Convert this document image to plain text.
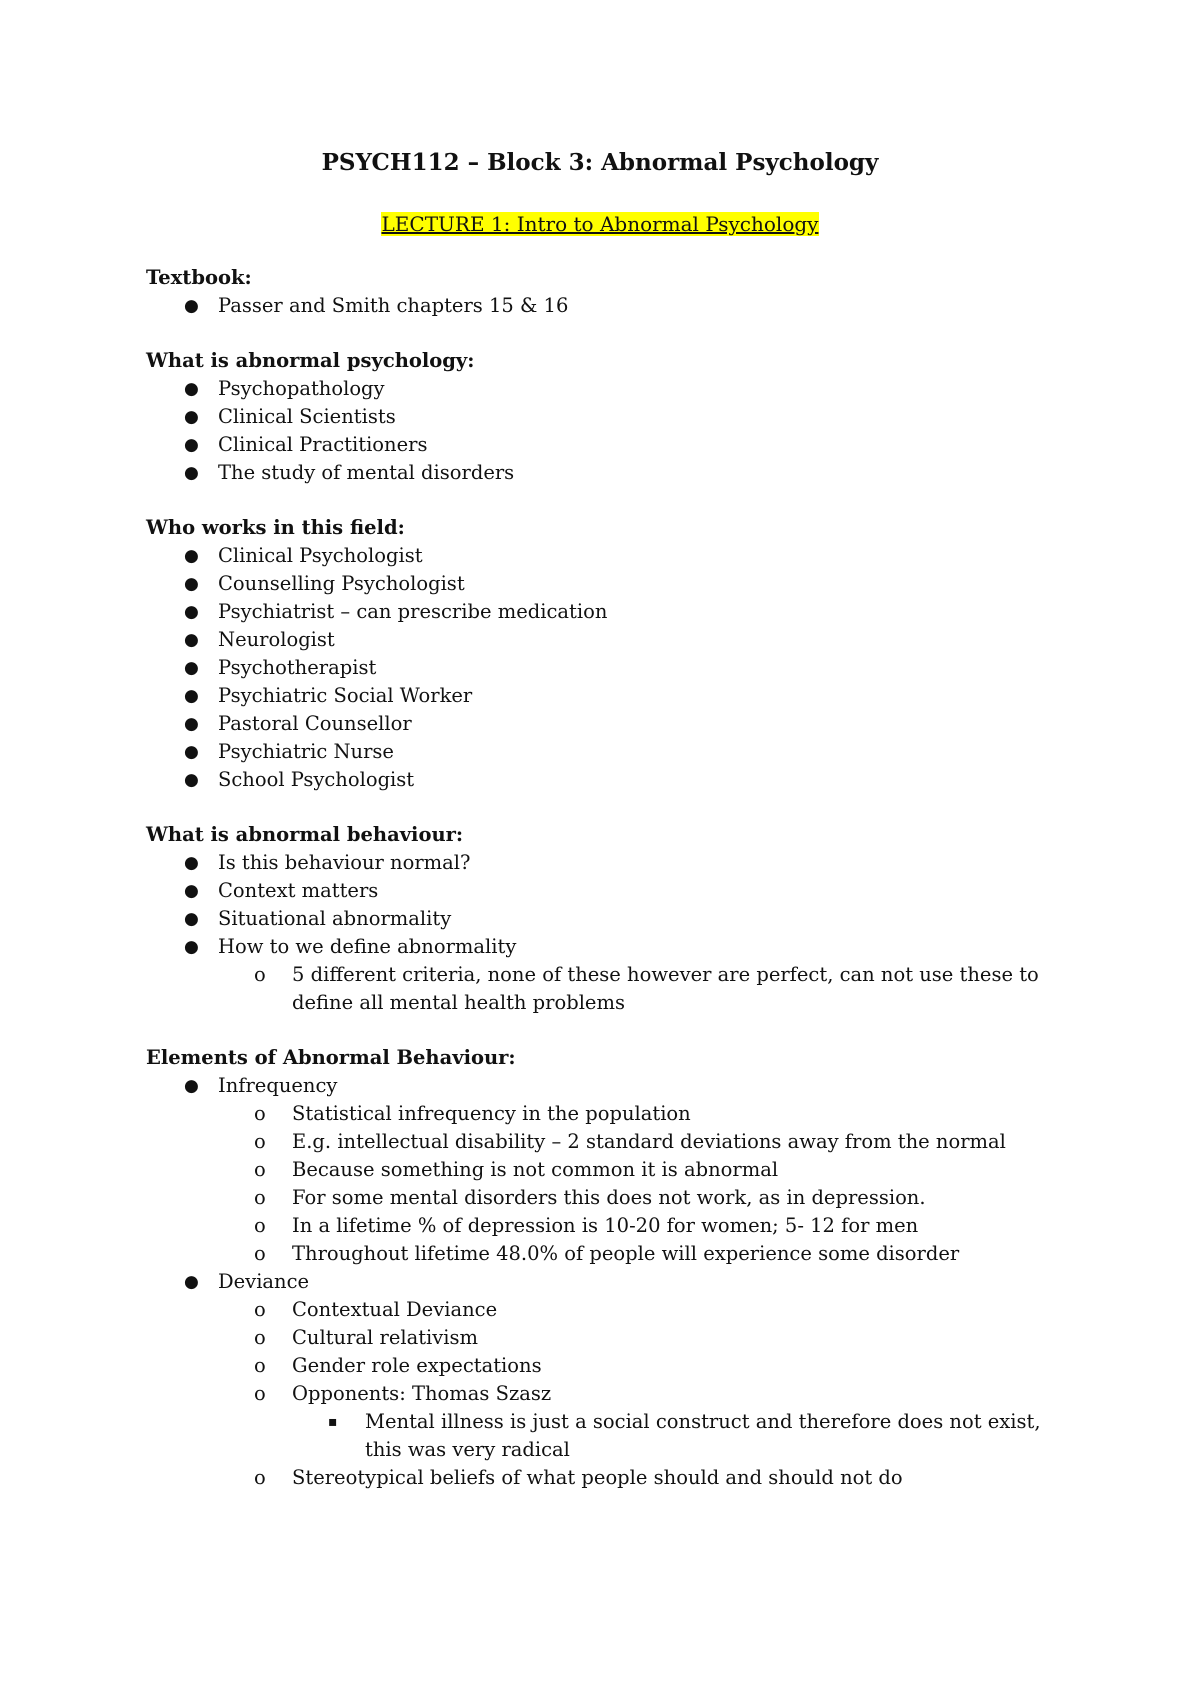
PSYCH112 – Block 3: Abnormal Psychology
LECTURE 1: Intro to Abnormal Psychology
Textbook:
● Passer and Smith chapters 15 & 16
What is abnormal psychology:
● Psychopathology
● Clinical Scientists
● Clinical Practitioners
● The study of mental disorders
Who works in this field:
● Clinical Psychologist
● Counselling Psychologist
● Psychiatrist – can prescribe medication
● Neurologist
● Psychotherapist
● Psychiatric Social Worker
● Pastoral Counsellor
● Psychiatric Nurse
● School Psychologist
What is abnormal behaviour:
● Is this behaviour normal?
● Context matters
● Situational abnormality
● How to we define abnormality
o 5 different criteria, none of these however are perfect, can not use these to define all mental health problems
Elements of Abnormal Behaviour:
● Infrequency
o Statistical infrequency in the population
o E.g. intellectual disability – 2 standard deviations away from the normal
o Because something is not common it is abnormal
o For some mental disorders this does not work, as in depression.
o In a lifetime % of depression is 10-20 for women; 5- 12 for men
o Throughout lifetime 48.0% of people will experience some disorder
● Deviance
o Contextual Deviance
o Cultural relativism
o Gender role expectations
o Opponents: Thomas Szasz
▪ Mental illness is just a social construct and therefore does not exist, this was very radical
o Stereotypical beliefs of what people should and should not do
